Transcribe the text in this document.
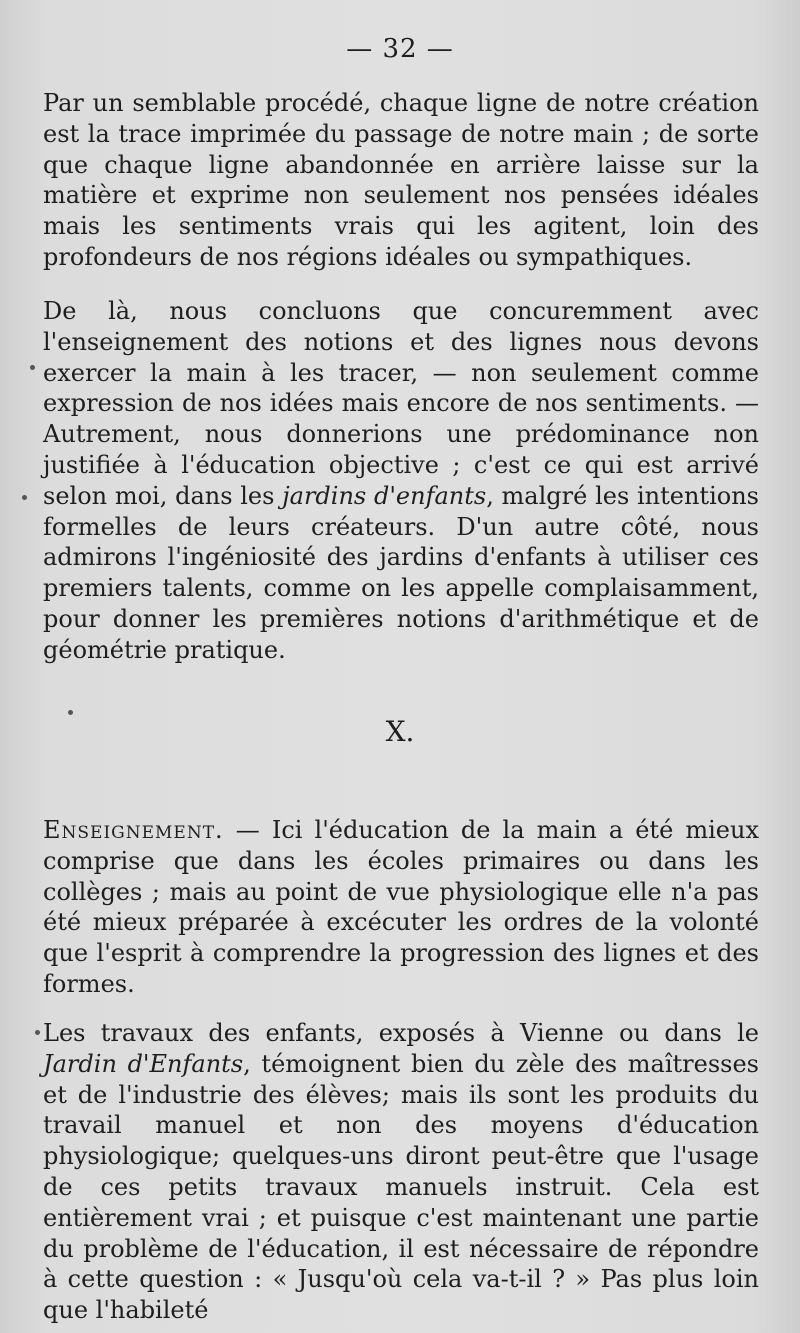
— 32 —

Par un semblable procédé, chaque ligne de notre création est la trace imprimée du passage de notre main ; de sorte que chaque ligne abandonnée en arrière laisse sur la matière et exprime non seulement nos pensées idéales mais les sentiments vrais qui les agitent, loin des profondeurs de nos régions idéales ou sympathiques.

De là, nous concluons que concuremment avec l'enseignement des notions et des lignes nous devons exercer la main à les tracer, — non seulement comme expression de nos idées mais encore de nos sentiments. — Autrement, nous donnerions une prédominance non justifiée à l'éducation objective ; c'est ce qui est arrivé selon moi, dans les jardins d'enfants, malgré les intentions formelles de leurs créateurs. D'un autre côté, nous admirons l'ingéniosité des jardins d'enfants à utiliser ces premiers talents, comme on les appelle complaisamment, pour donner les premières notions d'arithmétique et de géométrie pratique.

X.

Enseignement. — Ici l'éducation de la main a été mieux comprise que dans les écoles primaires ou dans les collèges ; mais au point de vue physiologique elle n'a pas été mieux préparée à excécuter les ordres de la volonté que l'esprit à comprendre la progression des lignes et des formes.

Les travaux des enfants, exposés à Vienne ou dans le Jardin d'Enfants, témoignent bien du zèle des maîtresses et de l'industrie des élèves; mais ils sont les produits du travail manuel et non des moyens d'éducation physiologique; quelques-uns diront peut-être que l'usage de ces petits travaux manuels instruit. Cela est entièrement vrai ; et puisque c'est maintenant une partie du problème de l'éducation, il est nécessaire de répondre à cette question : « Jusqu'où cela va-t-il ? » Pas plus loin que l'habileté
